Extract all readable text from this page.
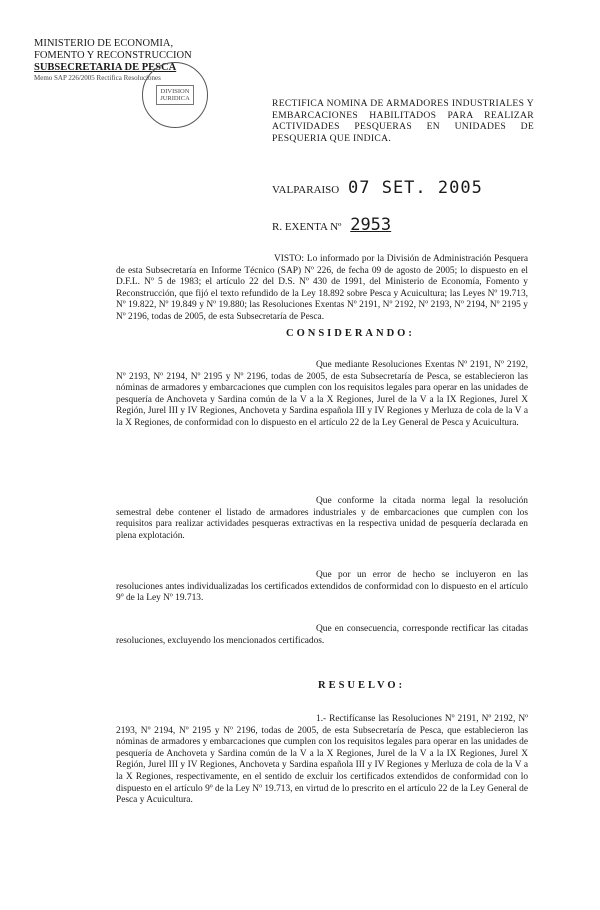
MINISTERIO DE ECONOMIA,
FOMENTO Y RECONSTRUCCION
SUBSECRETARIA DE PESCA
Memo SAP 226/2005 Rectifica Resoluciones
DIVISION
JURIDICA	RECTIFICA NOMINA DE ARMADORES INDUSTRIALES Y EMBARCACIONES HABILITADOS PARA REALIZAR ACTIVIDADES PESQUERAS EN UNIDADES DE PESQUERIA QUE INDICA.
VALPARAISO 07 SET. 2005
R. EXENTA Nº 2953
VISTO: Lo informado por la División de Administración Pesquera de esta Subsecretaría en Informe Técnico (SAP) Nº 226, de fecha 09 de agosto de 2005; lo dispuesto en el D.F.L. Nº 5 de 1983; el artículo 22 del D.S. Nº 430 de 1991, del Ministerio de Economía, Fomento y Reconstrucción, que fijó el texto refundido de la Ley 18.892 sobre Pesca y Acuicultura; las Leyes Nº 19.713, Nº 19.822, Nº 19.849 y Nº 19.880; las Resoluciones Exentas Nº 2191, Nº 2192, Nº 2193, Nº 2194, Nº 2195 y Nº 2196, todas de 2005, de esta Subsecretaría de Pesca.
CONSIDERANDO:
Que mediante Resoluciones Exentas Nº 2191, Nº 2192, Nº 2193, Nº 2194, Nº 2195 y Nº 2196, todas de 2005, de esta Subsecretaría de Pesca, se establecieron las nóminas de armadores y embarcaciones que cumplen con los requisitos legales para operar en las unidades de pesquería de Anchoveta y Sardina común de la V a la X Regiones, Jurel de la V a la IX Regiones, Jurel X Región, Jurel III y IV Regiones, Anchoveta y Sardina española III y IV Regiones y Merluza de cola de la V a la X Regiones, de conformidad con lo dispuesto en el artículo 22 de la Ley General de Pesca y Acuicultura.
Que conforme la citada norma legal la resolución semestral debe contener el listado de armadores industriales y de embarcaciones que cumplen con los requisitos para realizar actividades pesqueras extractivas en la respectiva unidad de pesquería declarada en plena explotación.
Que por un error de hecho se incluyeron en las resoluciones antes individualizadas los certificados extendidos de conformidad con lo dispuesto en el artículo 9º de la Ley Nº 19.713.
Que en consecuencia, corresponde rectificar las citadas resoluciones, excluyendo los mencionados certificados.
RESUELVO:
1.- Rectifícanse las Resoluciones Nº 2191, Nº 2192, Nº 2193, Nº 2194, Nº 2195 y Nº 2196, todas de 2005, de esta Subsecretaría de Pesca, que establecieron las nóminas de armadores y embarcaciones que cumplen con los requisitos legales para operar en las unidades de pesquería de Anchoveta y Sardina común de la V a la X Regiones, Jurel de la V a la IX Regiones, Jurel X Región, Jurel III y IV Regiones, Anchoveta y Sardina española III y IV Regiones y Merluza de cola de la V a la X Regiones, respectivamente, en el sentido de excluir los certificados extendidos de conformidad con lo dispuesto en el artículo 9º de la Ley Nº 19.713, en virtud de lo prescrito en el artículo 22 de la Ley General de Pesca y Acuicultura.
